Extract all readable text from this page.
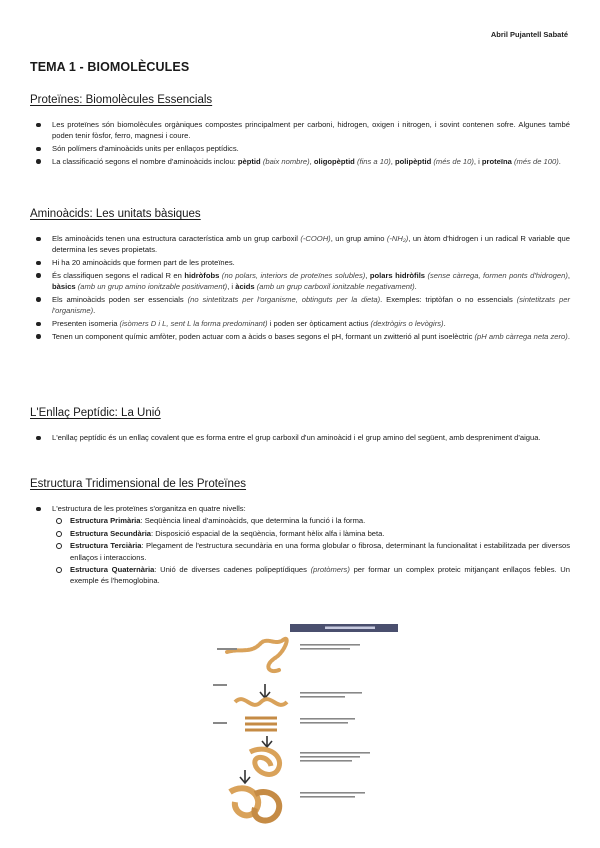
Abril Pujantell Sabaté
TEMA 1 - BIOMOLÈCULES
Proteïnes: Biomolècules Essencials
Les proteïnes són biomolècules orgàniques compostes principalment per carboni, hidrogen, oxigen i nitrogen, i sovint contenen sofre. Algunes també poden tenir fòsfor, ferro, magnesi i coure.
Són polímers d'aminoàcids units per enllaços peptídics.
La classificació segons el nombre d'aminoàcids inclou: pèptid (baix nombre), oligopèptid (fins a 10), polipèptid (més de 10), i proteïna (més de 100).
Aminoàcids: Les unitats bàsiques
Els aminoàcids tenen una estructura característica amb un grup carboxil (-COOH), un grup amino (-NH₂), un àtom d'hidrogen i un radical R variable que determina les seves propietats.
Hi ha 20 aminoàcids que formen part de les proteïnes.
És classifiquen segons el radical R en hidròfobs (no polars, interiors de proteïnes solubles), polars hidròfils (sense càrrega, formen ponts d'hidrogen), bàsics (amb un grup amino ionitzable positivament), i àcids (amb un grup carboxil ionitzable negativament).
Els aminoàcids poden ser essencials (no sintetitzats per l'organisme, obtinguts per la dieta). Exemples: triptòfan o no essencials (sintetitzats per l'organisme).
Presenten isomeria (isòmers D i L, sent L la forma predominant) i poden ser òpticament actius (dextrògirs o levògirs).
Tenen un component químic amfòter, poden actuar com a àcids o bases segons el pH, formant un zwitterió al punt isoelèctric (pH amb càrrega neta zero).
L'Enllaç Peptídic: La Unió
L'enllaç peptídic és un enllaç covalent que es forma entre el grup carboxil d'un aminoàcid i el grup amino del següent, amb despreniment d'aigua.
Estructura Tridimensional de les Proteïnes
L'estructura de les proteïnes s'organitza en quatre nivells:
Estructura Primària: Seqüència lineal d'aminoàcids, que determina la funció i la forma.
Estructura Secundària: Disposició espacial de la seqüència, formant hèlix alfa i làmina beta.
Estructura Terciària: Plegament de l'estructura secundària en una forma globular o fibrosa, determinant la funcionalitat i estabilitzada per diversos enllaços i interaccions.
Estructura Quaternària: Unió de diverses cadenes polipeptídiques (protòmers) per formar un complex proteic mitjançant enllaços febles. Un exemple és l'hemoglobina.
